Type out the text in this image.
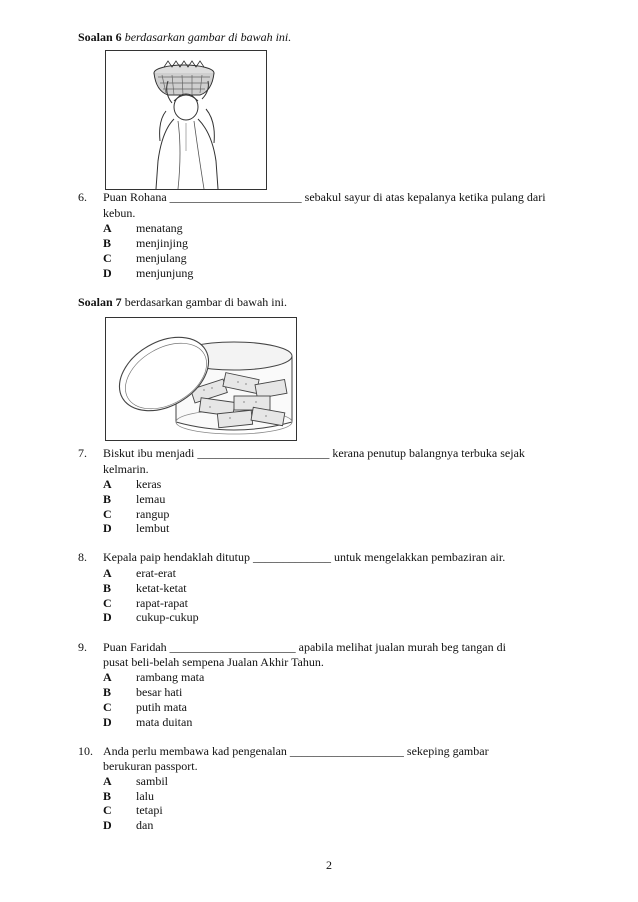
Soalan 6 berdasarkan gambar di bawah ini.
6. Puan Rohana ______________________ sebakul sayur di atas kepalanya ketika pulang dari
kebun.
A menatang
B menjinjing
C menjulang
D menjunjung
Soalan 7 berdasarkan gambar di bawah ini.
7. Biskut ibu menjadi ______________________ kerana penutup balangnya terbuka sejak
kelmarin.
A keras
B lemau
C rangup
D lembut
8. Kepala paip hendaklah ditutup _____________ untuk mengelakkan pembaziran air.
A erat-erat
B ketat-ketat
C rapat-rapat
D cukup-cukup
9. Puan Faridah _____________________ apabila melihat jualan murah beg tangan di
pusat beli-belah sempena Jualan Akhir Tahun.
A rambang mata
B besar hati
C putih mata
D mata duitan
10. Anda perlu membawa kad pengenalan ___________________ sekeping gambar
berukuran passport.
A sambil
B lalu
C tetapi
D dan
2
